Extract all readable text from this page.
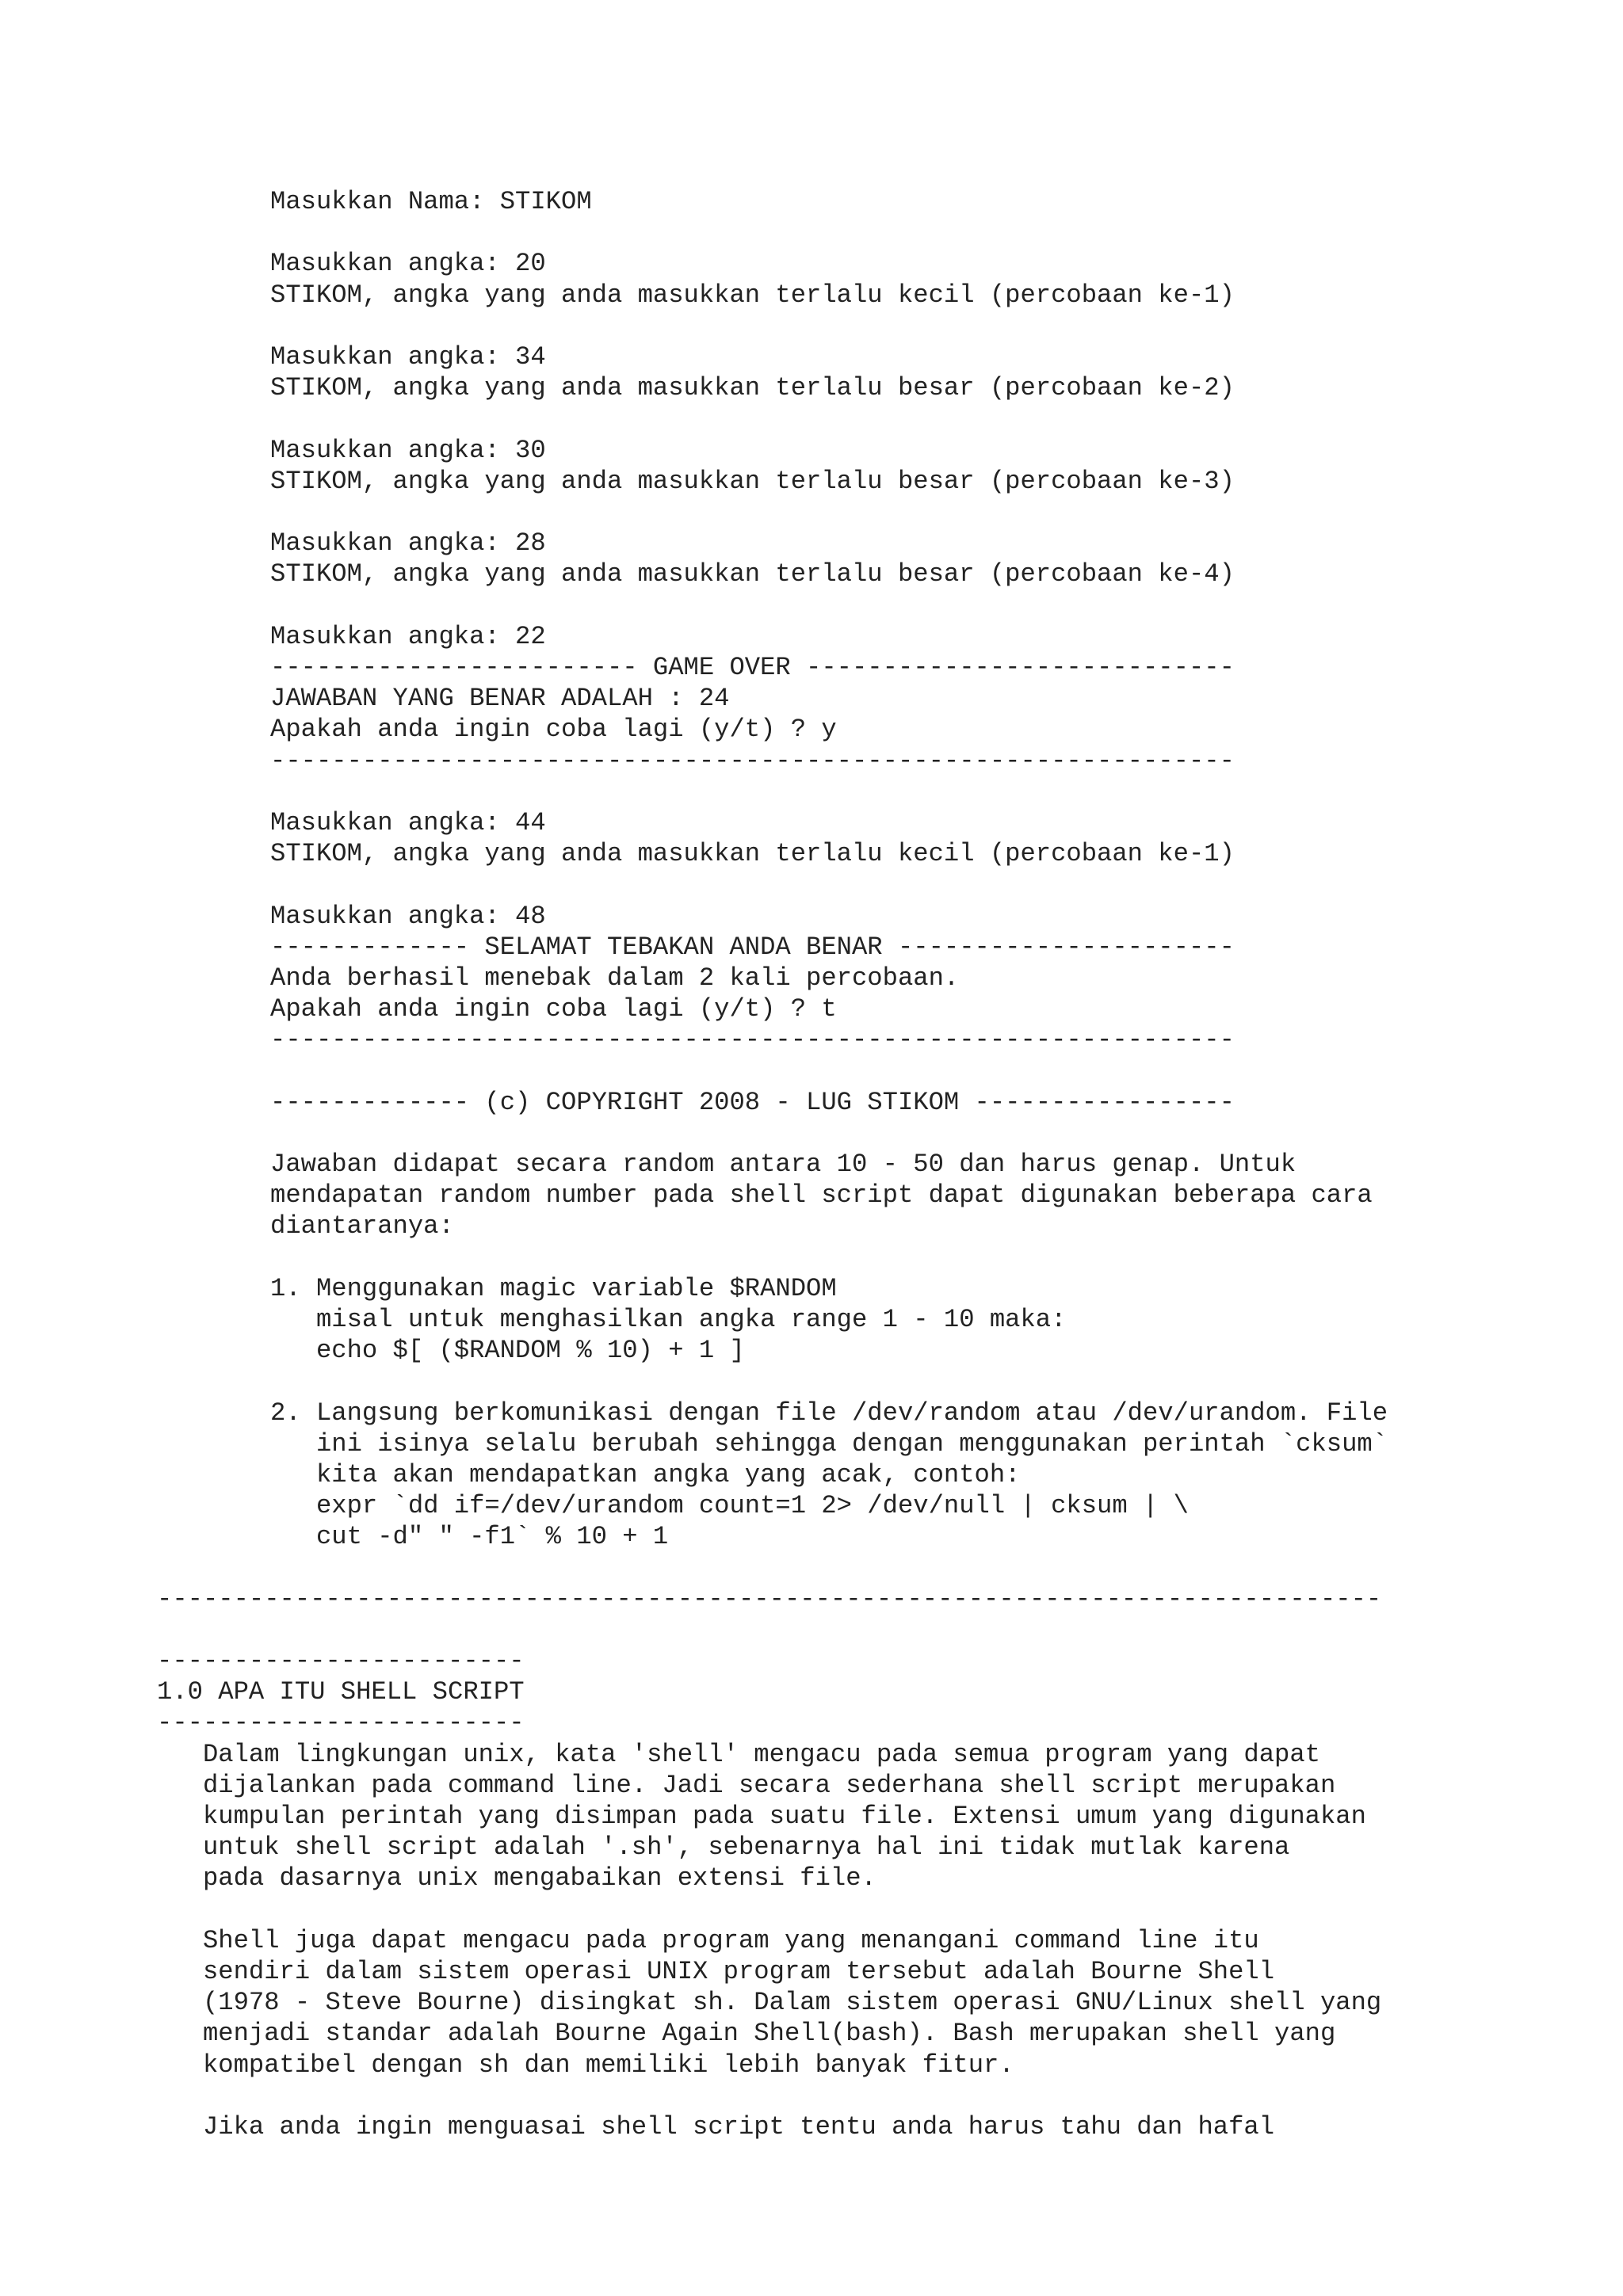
Masukkan Nama: STIKOM

Masukkan angka: 20
STIKOM, angka yang anda masukkan terlalu kecil (percobaan ke-1)

Masukkan angka: 34
STIKOM, angka yang anda masukkan terlalu besar (percobaan ke-2)

Masukkan angka: 30
STIKOM, angka yang anda masukkan terlalu besar (percobaan ke-3)

Masukkan angka: 28
STIKOM, angka yang anda masukkan terlalu besar (percobaan ke-4)

Masukkan angka: 22
------------------------ GAME OVER ----------------------------
JAWABAN YANG BENAR ADALAH : 24
Apakah anda ingin coba lagi (y/t) ? y
---------------------------------------------------------------

Masukkan angka: 44
STIKOM, angka yang anda masukkan terlalu kecil (percobaan ke-1)

Masukkan angka: 48
------------- SELAMAT TEBAKAN ANDA BENAR ----------------------
Anda berhasil menebak dalam 2 kali percobaan.
Apakah anda ingin coba lagi (y/t) ? t
---------------------------------------------------------------

------------- (c) COPYRIGHT 2008 - LUG STIKOM -----------------
Jawaban didapat secara random antara 10 - 50 dan harus genap. Untuk
mendapatan random number pada shell script dapat digunakan beberapa cara
diantaranya:

1. Menggunakan magic variable $RANDOM
misal untuk menghasilkan angka range 1 - 10 maka:
echo $[ ($RANDOM % 10) + 1 ]

2. Langsung berkomunikasi dengan file /dev/random atau /dev/urandom. File
ini isinya selalu berubah sehingga dengan menggunakan perintah `cksum`
kita akan mendapatkan angka yang acak, contoh:
expr `dd if=/dev/urandom count=1 2> /dev/null | cksum | \
cut -d" " -f1` % 10 + 1
--------------------------------------------------------------------------------
------------------------
1.0 APA ITU SHELL SCRIPT
------------------------
Dalam lingkungan unix, kata 'shell' mengacu pada semua program yang dapat
dijalankan pada command line. Jadi secara sederhana shell script merupakan
kumpulan perintah yang disimpan pada suatu file. Extensi umum yang digunakan
untuk shell script adalah '.sh', sebenarnya hal ini tidak mutlak karena
pada dasarnya unix mengabaikan extensi file.

Shell juga dapat mengacu pada program yang menangani command line itu
sendiri dalam sistem operasi UNIX program tersebut adalah Bourne Shell
(1978 - Steve Bourne) disingkat sh. Dalam sistem operasi GNU/Linux shell yang
menjadi standar adalah Bourne Again Shell(bash). Bash merupakan shell yang
kompatibel dengan sh dan memiliki lebih banyak fitur.

Jika anda ingin menguasai shell script tentu anda harus tahu dan hafal
